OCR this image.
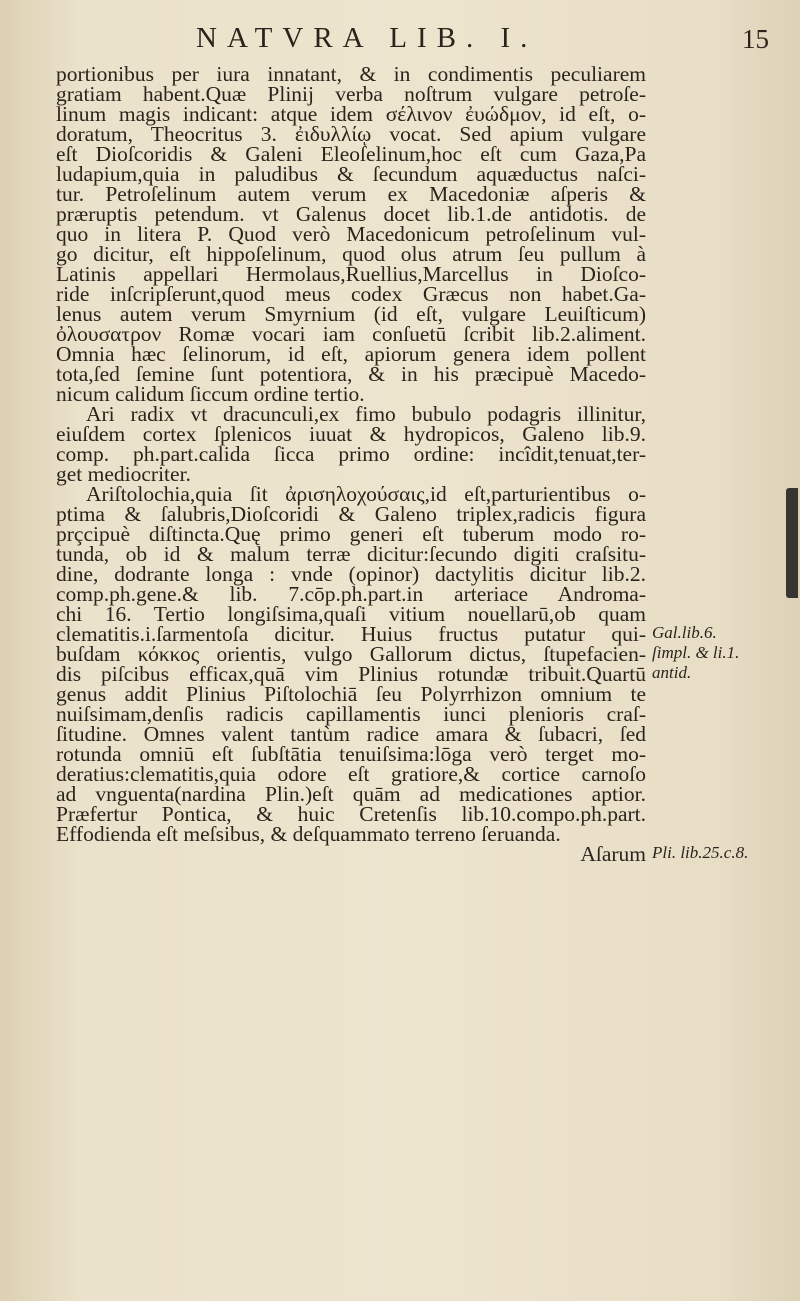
NATVRA LIB. I.	15
portionibus per iura innatant, & in condimentis peculiarem
gratiam habent.Quæ Plinij verba noſtrum vulgare petroſe-
linum magis indicant: atque idem σέλινον ἐυώδμον, id eſt, o-
doratum, Theocritus 3. ἐιδυλλίῳ vocat. Sed apium vulgare
eſt Dioſcoridis & Galeni Eleoſelinum,hoc eſt cum Gaza,Pa
ludapium,quia in paludibus & ſecundum aquæductus naſci-
tur. Petroſelinum autem verum ex Macedoniæ aſperis &
præruptis petendum. vt Galenus docet lib.1.de antidotis. de
quo in litera P. Quod verò Macedonicum petroſelinum vul-
go dicitur, eſt hippoſelinum, quod olus atrum ſeu pullum à
Latinis appellari Hermolaus,Ruellius,Marcellus in Dioſco-
ride inſcripſerunt,quod meus codex Græcus non habet.Ga-
lenus autem verum Smyrnium (id eſt, vulgare Leuiſticum)
ὀλουσατρον Romæ vocari iam conſuetū ſcribit lib.2.aliment.
Omnia hæc ſelinorum, id eſt, apiorum genera idem pollent
tota,ſed ſemine ſunt potentiora, & in his præcipuè Macedo-
nicum calidum ſiccum ordine tertio.
Ari radix vt dracunculi,ex fimo bubulo podagris illinitur,
eiuſdem cortex ſplenicos iuuat & hydropicos, Galeno lib.9.
comp. ph.part.calida ſicca primo ordine: incîdit,tenuat,ter-
get mediocriter.
Ariſtolochia,quia ſit ἀρισηλοχούσαις,id eſt,parturientibus o-
ptima & ſalubris,Dioſcoridi & Galeno triplex,radicis figura
prçcipuè diſtincta.Quę primo generi eſt tuberum modo ro-
tunda, ob id & malum terræ dicitur:ſecundo digiti craſsitu-
dine, dodrante longa : vnde (opinor) dactylitis dicitur lib.2.
comp.ph.gene.& lib. 7.cōp.ph.part.in arteriace Androma-
chi 16. Tertio longiſsima,quaſi vitium nouellarū,ob quam
clematitis.i.ſarmentoſa dicitur. Huius fructus putatur qui-
buſdam κόκκος orientis, vulgo Gallorum dictus, ſtupefacien-
dis piſcibus efficax,quā vim Plinius rotundæ tribuit.Quartū
genus addit Plinius Piſtolochiā ſeu Polyrrhizon omnium te
nuiſsimam,denſis radicis capillamentis iunci plenioris craſ-
ſitudine. Omnes valent tantùm radice amara & ſubacri, ſed
rotunda omniū eſt ſubſtātia tenuiſsima:lōga verò terget mo-
deratius:clematitis,quia odore eſt gratiore,& cortice carnoſo
ad vnguenta(nardina Plin.)eſt quām ad medicationes aptior.
Præfertur Pontica, & huic Cretenſis lib.10.compo.ph.part.
Effodienda eſt meſsibus, & deſquammato terreno ſeruanda.
Aſarum
Gal.lib.6.
ſimpl. & li.1.
antid.
Pli. lib.25.c.8.
